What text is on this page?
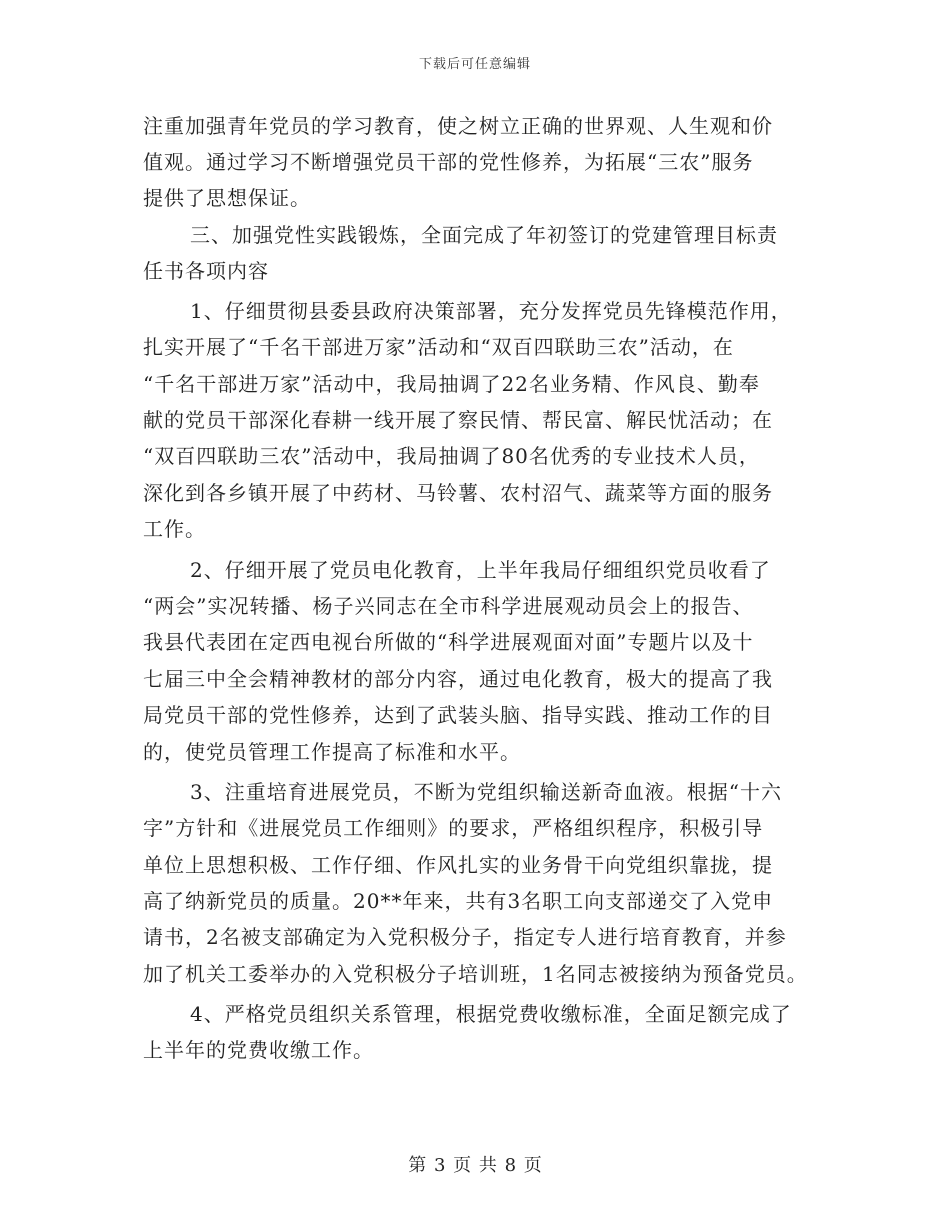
下载后可任意编辑
注重加强青年党员的学习教育，使之树立正确的世界观、人生观和价
值观。通过学习不断增强党员干部的党性修养，为拓展“三农”服务
提供了思想保证。
三、加强党性实践锻炼，全面完成了年初签订的党建管理目标责
任书各项内容
1、仔细贯彻县委县政府决策部署，充分发挥党员先锋模范作用，
扎实开展了“千名干部进万家”活动和“双百四联助三农”活动，在
“千名干部进万家”活动中，我局抽调了22名业务精、作风良、勤奉
献的党员干部深化春耕一线开展了察民情、帮民富、解民忧活动；在
“双百四联助三农”活动中，我局抽调了80名优秀的专业技术人员，
深化到各乡镇开展了中药材、马铃薯、农村沼气、蔬菜等方面的服务
工作。
2、仔细开展了党员电化教育，上半年我局仔细组织党员收看了
“两会”实况转播、杨子兴同志在全市科学进展观动员会上的报告、
我县代表团在定西电视台所做的“科学进展观面对面”专题片以及十
七届三中全会精神教材的部分内容，通过电化教育，极大的提高了我
局党员干部的党性修养，达到了武装头脑、指导实践、推动工作的目
的，使党员管理工作提高了标准和水平。
3、注重培育进展党员，不断为党组织输送新奇血液。根据“十六
字”方针和《进展党员工作细则》的要求，严格组织程序，积极引导
单位上思想积极、工作仔细、作风扎实的业务骨干向党组织靠拢，提
高了纳新党员的质量。20**年来，共有3名职工向支部递交了入党申
请书，2名被支部确定为入党积极分子，指定专人进行培育教育，并参
加了机关工委举办的入党积极分子培训班，1名同志被接纳为预备党员。
4、严格党员组织关系管理，根据党费收缴标准，全面足额完成了
上半年的党费收缴工作。
第 3 页 共 8 页
